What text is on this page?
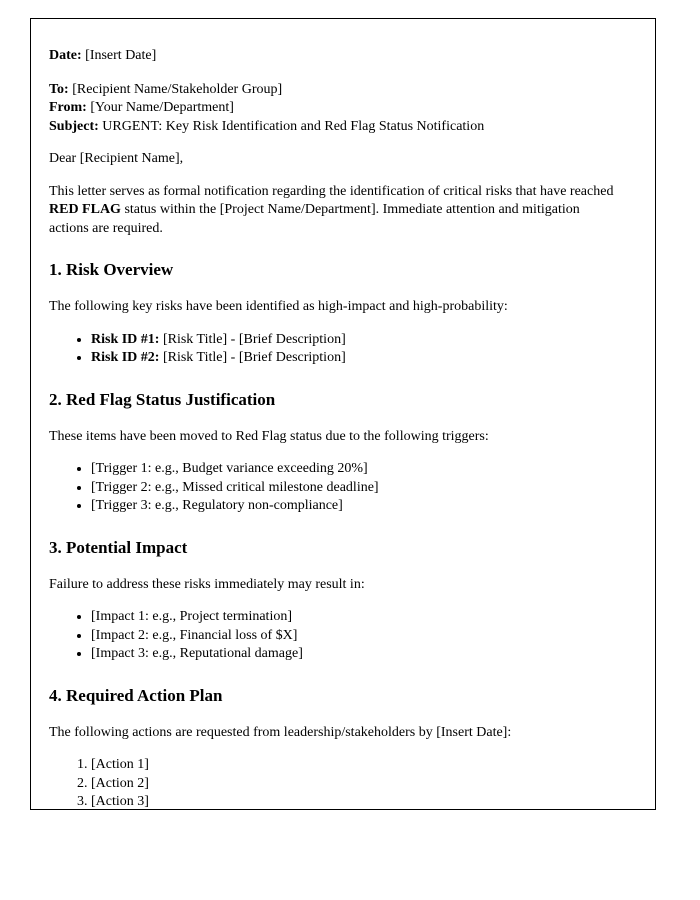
Date: [Insert Date]

To: [Recipient Name/Stakeholder Group]
From: [Your Name/Department]
Subject: URGENT: Key Risk Identification and Red Flag Status Notification

Dear [Recipient Name],

This letter serves as formal notification regarding the identification of critical risks that have reached RED FLAG status within the [Project Name/Department]. Immediate attention and mitigation actions are required.

1. Risk Overview

The following key risks have been identified as high-impact and high-probability:

• Risk ID #1: [Risk Title] - [Brief Description]
• Risk ID #2: [Risk Title] - [Brief Description]
2. Red Flag Status Justification

These items have been moved to Red Flag status due to the following triggers:

• [Trigger 1: e.g., Budget variance exceeding 20%]
• [Trigger 2: e.g., Missed critical milestone deadline]
• [Trigger 3: e.g., Regulatory non-compliance]
3. Potential Impact

Failure to address these risks immediately may result in:

• [Impact 1: e.g., Project termination]
• [Impact 2: e.g., Financial loss of $X]
• [Impact 3: e.g., Reputational damage]
4. Required Action Plan

The following actions are requested from leadership/stakeholders by [Insert Date]:

1. [Action 1]
2. [Action 2]
3. [Action 3]
